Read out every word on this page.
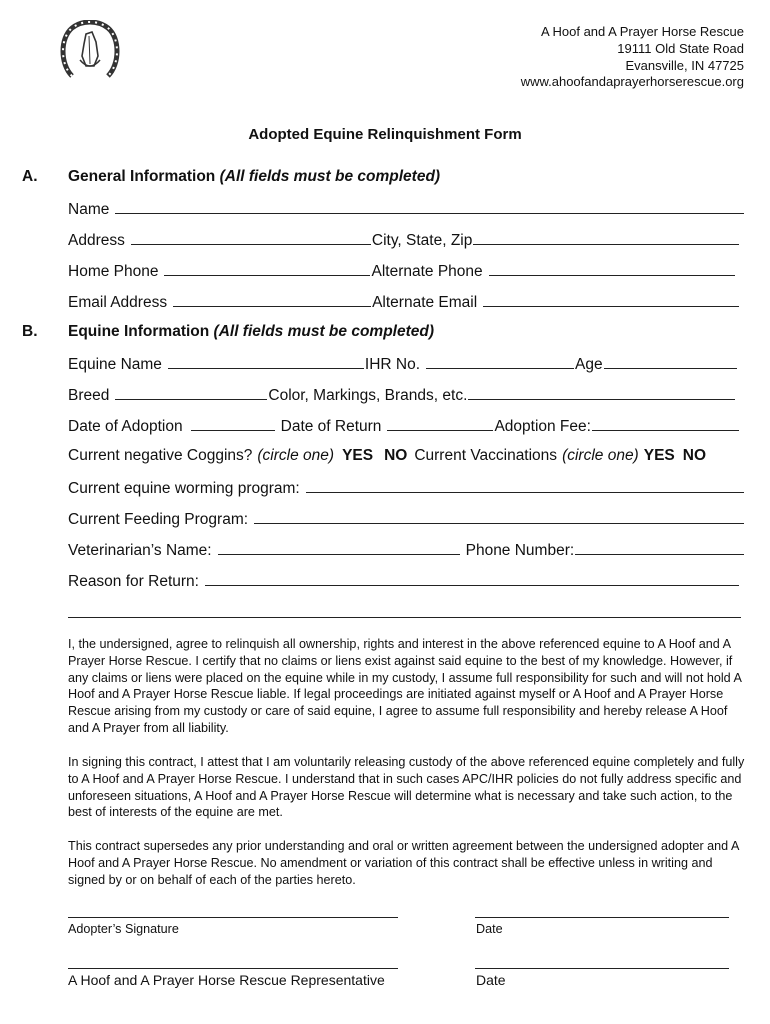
A Hoof and A Prayer Horse Rescue
19111 Old State Road
Evansville, IN 47725
www.ahoofandaprayerhorserescue.org
Adopted Equine Relinquishment Form
A. General Information (All fields must be completed)
Name
Address	City, State, Zip
Home Phone	Alternate Phone
Email Address	Alternate Email
B. Equine Information (All fields must be completed)
Equine Name	IHR No.	Age
Breed	Color, Markings, Brands, etc.
Date of Adoption	Date of Return	Adoption Fee:
Current negative Coggins? (circle one) YES NO Current Vaccinations (circle one) YES NO
Current equine worming program:
Current Feeding Program:
Veterinarian’s Name:	Phone Number:
Reason for Return:
I, the undersigned, agree to relinquish all ownership, rights and interest in the above referenced equine to A Hoof and A Prayer Horse Rescue. I certify that no claims or liens exist against said equine to the best of my knowledge. However, if any claims or liens were placed on the equine while in my custody, I assume full responsibility for such and will not hold A Hoof and A Prayer Horse Rescue liable. If legal proceedings are initiated against myself or A Hoof and A Prayer Horse Rescue arising from my custody or care of said equine, I agree to assume full responsibility and hereby release A Hoof and A Prayer from all liability.
In signing this contract, I attest that I am voluntarily releasing custody of the above referenced equine completely and fully to A Hoof and A Prayer Horse Rescue. I understand that in such cases APC/IHR policies do not fully address specific and unforeseen situations, A Hoof and A Prayer Horse Rescue will determine what is necessary and take such action, to the best of interests of the equine are met.
This contract supersedes any prior understanding and oral or written agreement between the undersigned adopter and A Hoof and A Prayer Horse Rescue. No amendment or variation of this contract shall be effective unless in writing and signed by or on behalf of each of the parties hereto.
Adopter’s Signature	Date
A Hoof and A Prayer Horse Rescue Representative	Date
